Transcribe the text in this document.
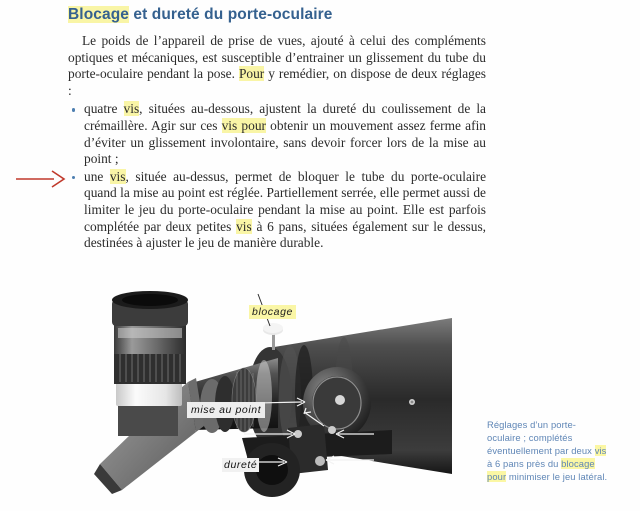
Blocage et dureté du porte-oculaire

Le poids de l’appareil de prise de vues, ajouté à celui des compléments optiques et mécaniques, est susceptible d’entrainer un glissement du tube du porte-oculaire pendant la pose. Pour y remédier, on dispose de deux réglages :

quatre vis, situées au-dessous, ajustent la dureté du coulissement de la crémaillère. Agir sur ces vis pour obtenir un mouvement assez ferme afin d’éviter un glissement involontaire, sans devoir forcer lors de la mise au point ;
une vis, située au-dessus, permet de bloquer le tube du porte-oculaire quand la mise au point est réglée. Partiellement serrée, elle permet aussi de limiter le jeu du porte-oculaire pendant la mise au point. Elle est parfois complétée par deux petites vis à 6 pans, situées également sur le dessus, destinées à ajuster le jeu de manière durable.
blocage
mise au point
dureté
Réglages d’un porte-oculaire ; complétés éventuellement par deux vis à 6 pans près du blocage pour minimiser le jeu latéral.
